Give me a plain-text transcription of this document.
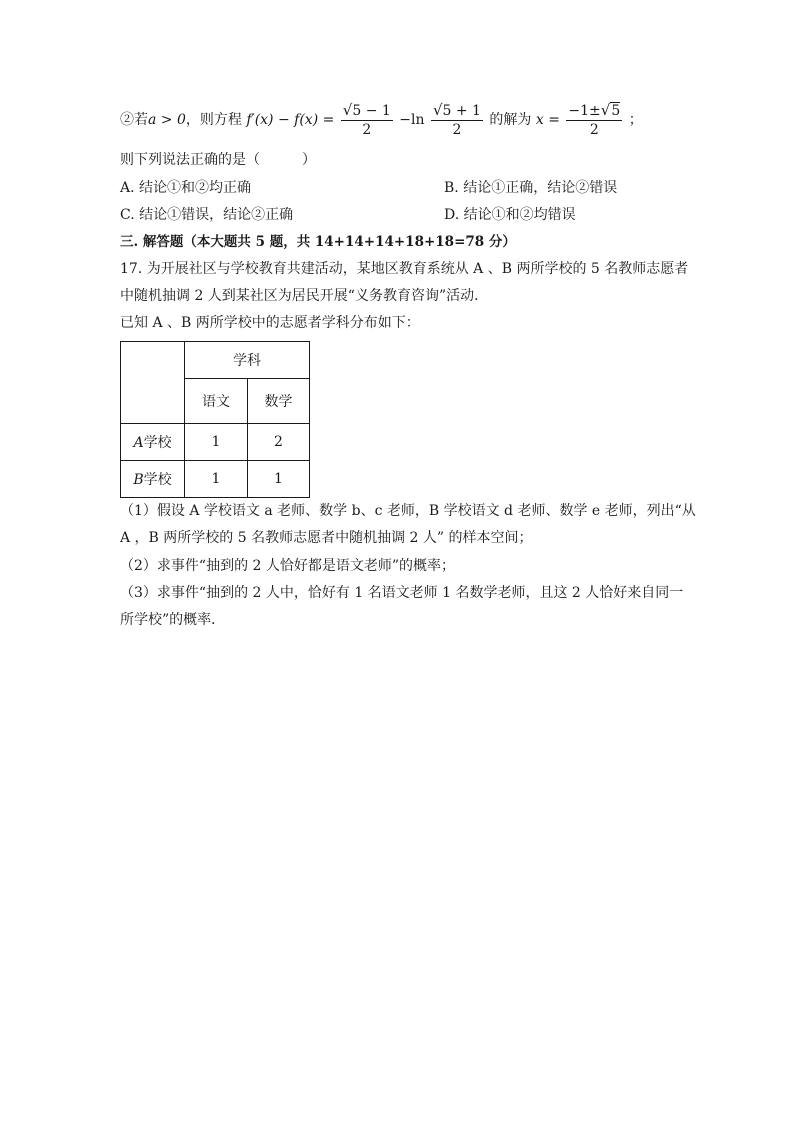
②若a > 0，则方程 $f'(x) - f(x) = \frac{√5 - 1}{2} -\ln \frac{√5 + 1}{2}$ 的解为 $x = \frac{-1\pm√5}{2}$ ；
则下列说法正确的是（　　　）
A. 结论①和②均正确	B. 结论①正确，结论②错误
C. 结论①错误，结论②正确	D. 结论①和②均错误
三. 解答题（本大题共 5 题，共 14+14+14+18+18=78 分）
17. 为开展社区与学校教育共建活动，某地区教育系统从 A 、B 两所学校的 5 名教师志愿者
中随机抽调 2 人到某社区为居民开展“义务教育咨询”活动．
已知 A 、B 两所学校中的志愿者学科分布如下：
	学科	
	语文	数学
A学校	1	2
B学校	1	1
（1）假设 A 学校语文 a 老师、数学 b、c 老师，B 学校语文 d 老师、数学 e 老师，列出“从
A ，B 两所学校的 5 名教师志愿者中随机抽调 2 人” 的样本空间；
（2）求事件“抽到的 2 人恰好都是语文老师”的概率；
（3）求事件“抽到的 2 人中，恰好有 1 名语文老师 1 名数学老师，且这 2 人恰好来自同一
所学校”的概率．
